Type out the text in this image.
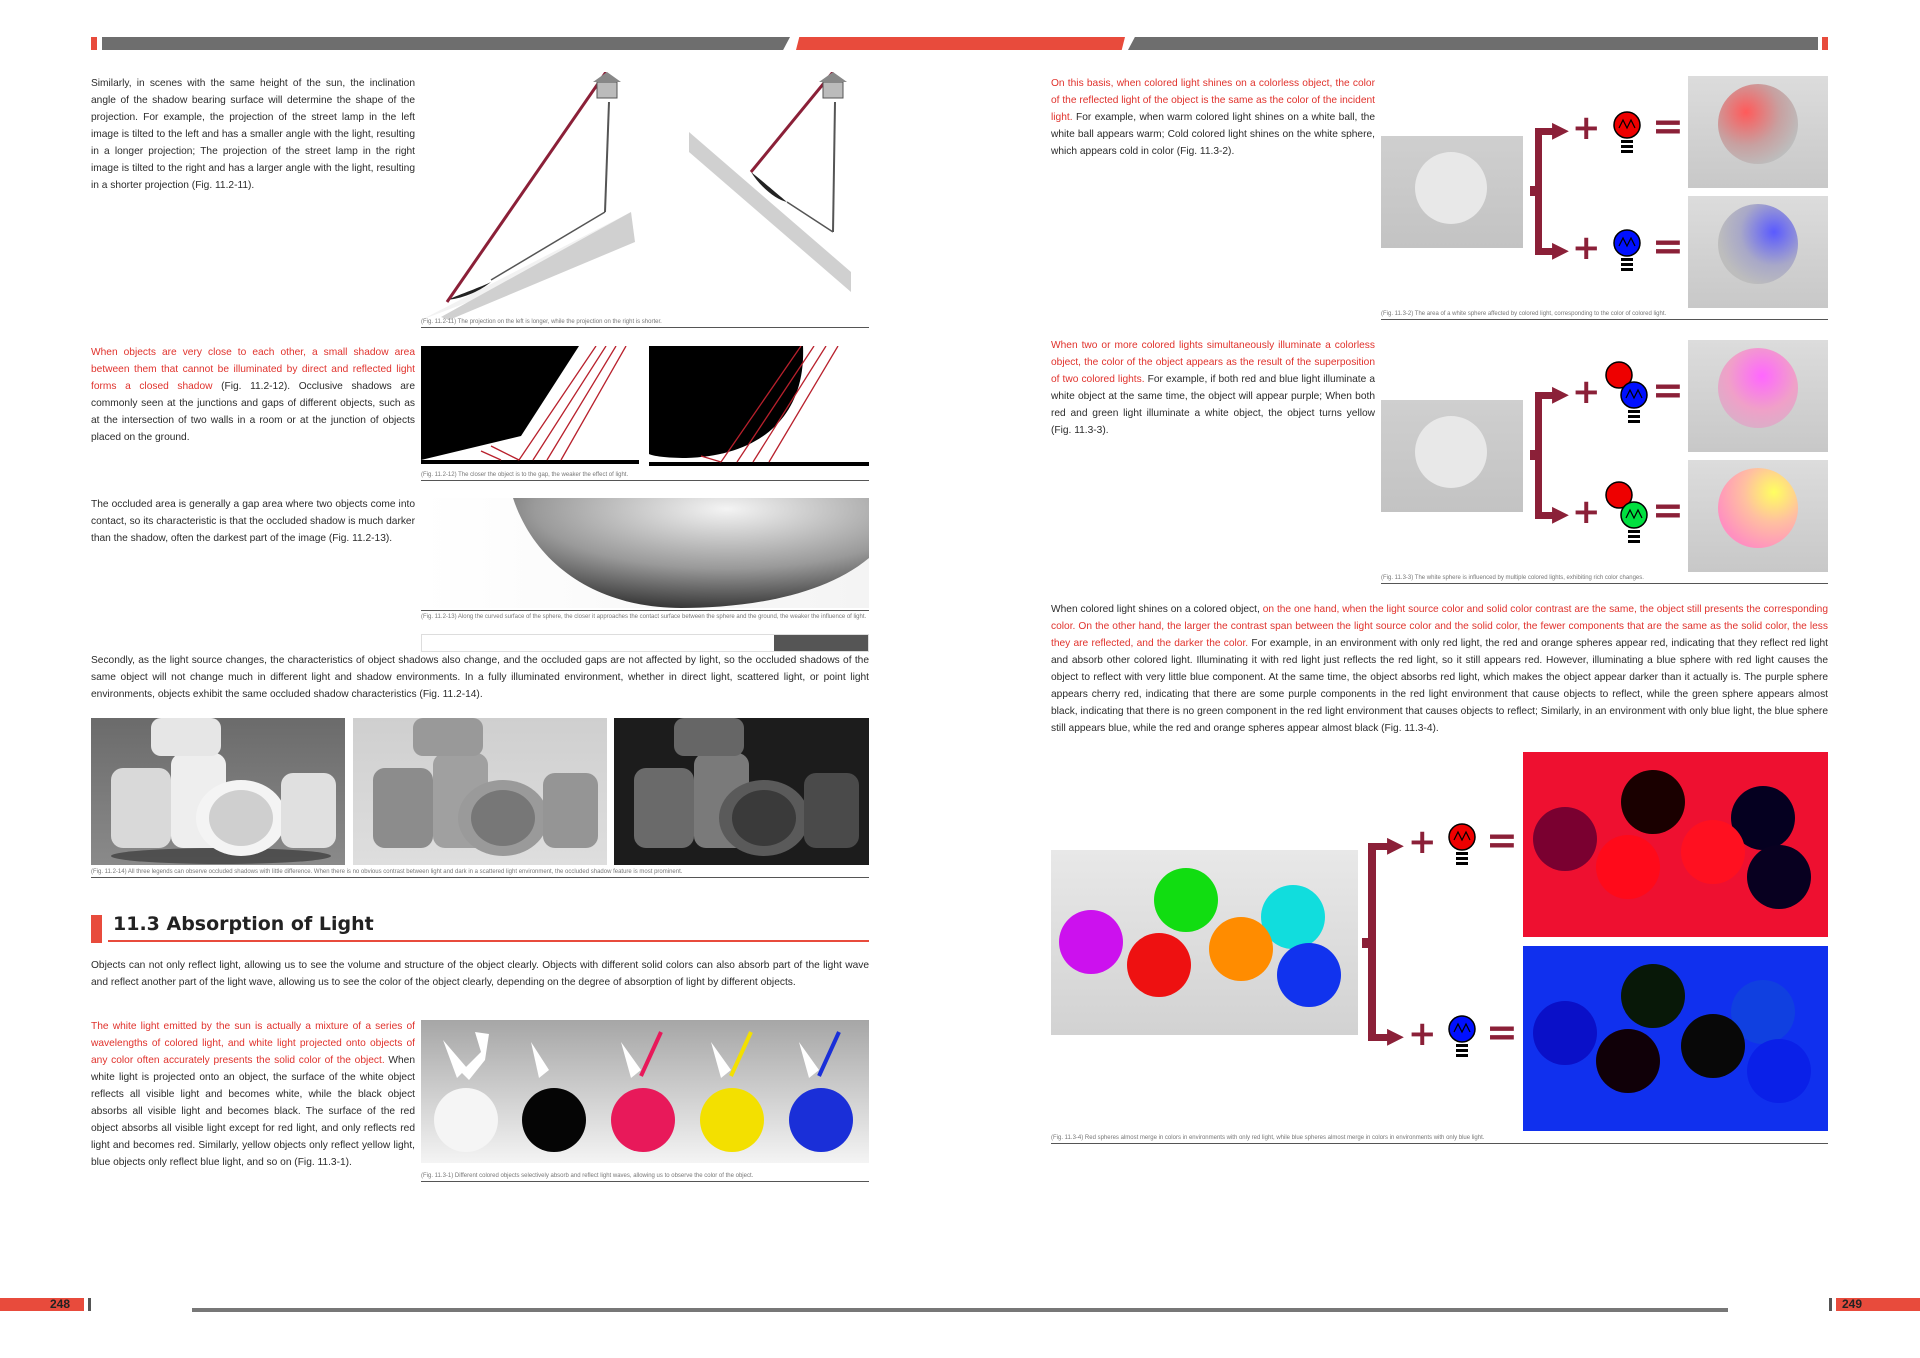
Similarly, in scenes with the same height of the sun, the inclination angle of the shadow bearing surface will determine the shape of the projection. For example, the projection of the street lamp in the left image is tilted to the left and has a smaller angle with the light, resulting in a longer projection; The projection of the street lamp in the right image is tilted to the right and has a larger angle with the light, resulting in a shorter projection (Fig. 11.2-11).

(Fig. 11.2-11) The projection on the left is longer, while the projection on the right is shorter.

When objects are very close to each other, a small shadow area between them that cannot be illuminated by direct and reflected light forms a closed shadow (Fig. 11.2-12). Occlusive shadows are commonly seen at the junctions and gaps of different objects, such as at the intersection of two walls in a room or at the junction of objects placed on the ground.

(Fig. 11.2-12) The closer the object is to the gap, the weaker the effect of light.

The occluded area is generally a gap area where two objects come into contact, so its characteristic is that the occluded shadow is much darker than the shadow, often the darkest part of the image (Fig. 11.2-13).

(Fig. 11.2-13) Along the curved surface of the sphere, the closer it approaches the contact surface between the sphere and the ground, the weaker the influence of light.

Secondly, as the light source changes, the characteristics of object shadows also change, and the occluded gaps are not affected by light, so the occluded shadows of the same object will not change much in different light and shadow environments. In a fully illuminated environment, whether in direct light, scattered light, or point light environments, objects exhibit the same occluded shadow characteristics (Fig. 11.2-14).

(Fig. 11.2-14) All three legends can observe occluded shadows with little difference. When there is no obvious contrast between light and dark in a scattered light environment, the occluded shadow feature is most prominent.
11.3 Absorption of Light

Objects can not only reflect light, allowing us to see the volume and structure of the object clearly. Objects with different solid colors can also absorb part of the light wave and reflect another part of the light wave, allowing us to see the color of the object clearly, depending on the degree of absorption of light by different objects.

The white light emitted by the sun is actually a mixture of a series of wavelengths of colored light, and white light projected onto objects of any color often accurately presents the solid color of the object. When white light is projected onto an object, the surface of the white object reflects all visible light and becomes white, while the black object absorbs all visible light and becomes black. The surface of the red object absorbs all visible light except for red light, and only reflects red light and becomes red. Similarly, yellow objects only reflect yellow light, blue objects only reflect blue light, and so on (Fig. 11.3-1).

(Fig. 11.3-1) Different colored objects selectively absorb and reflect light waves, allowing us to observe the color of the object.
248

On this basis, when colored light shines on a colorless object, the color of the reflected light of the object is the same as the color of the incident light. For example, when warm colored light shines on a white ball, the white ball appears warm; Cold colored light shines on the white sphere, which appears cold in color (Fig. 11.3-2).

▶
▶
+ =
+ =
(Fig. 11.3-2) The area of a white sphere affected by colored light, corresponding to the color of colored light.

When two or more colored lights simultaneously illuminate a colorless object, the color of the object appears as the result of the superposition of two colored lights. For example, if both red and blue light illuminate a white object at the same time, the object will appear purple; When both red and green light illuminate a white object, the object turns yellow (Fig. 11.3-3).

▶
▶
+ =
+ =
(Fig. 11.3-3) The white sphere is influenced by multiple colored lights, exhibiting rich color changes.

When colored light shines on a colored object, on the one hand, when the light source color and solid color contrast are the same, the object still presents the corresponding color. On the other hand, the larger the contrast span between the light source color and the solid color, the fewer components that are the same as the solid color, the less they are reflected, and the darker the color. For example, in an environment with only red light, the red and orange spheres appear red, indicating that they reflect red light and absorb other colored light. Illuminating it with red light just reflects the red light, so it still appears red. However, illuminating a blue sphere with red light causes the object to reflect with very little blue component. At the same time, the object absorbs red light, which makes the object appear darker than it actually is. The purple sphere appears cherry red, indicating that there are some purple components in the red light environment that cause objects to reflect, while the green sphere appears almost black, indicating that there is no green component in the red light environment that causes objects to reflect; Similarly, in an environment with only blue light, the blue sphere still appears blue, while the red and orange spheres appear almost black (Fig. 11.3-4).

▶
▶
+ =
+ =
(Fig. 11.3-4) Red spheres almost merge in colors in environments with only red light, while blue spheres almost merge in colors in environments with only blue light.
249
